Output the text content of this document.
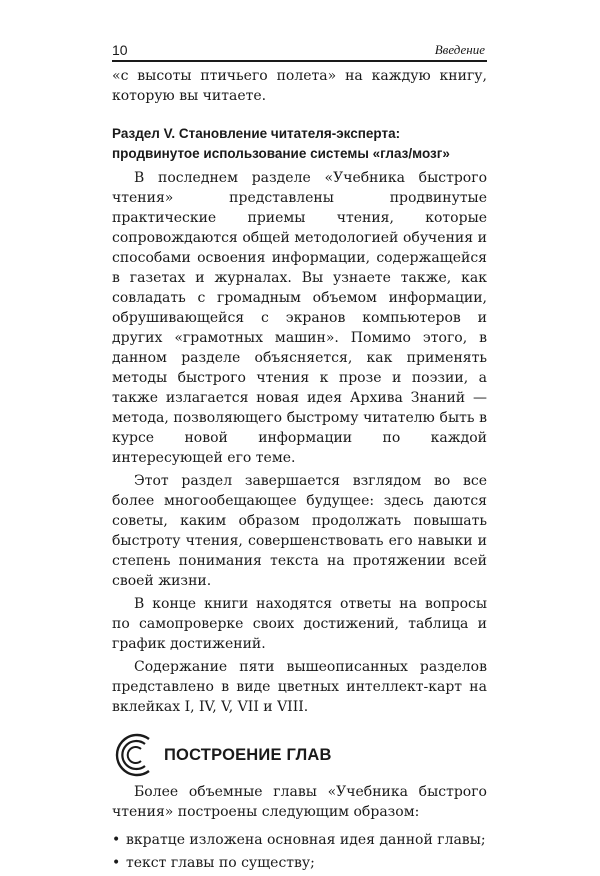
10	Введение

«с высоты птичьего полета» на каждую книгу, которую вы читаете.

Раздел V. Становление читателя-эксперта:
продвинутое использование системы «глаз/мозг»

В последнем разделе «Учебника быстрого чтения» представлены продвинутые практические приемы чтения, которые сопровождаются общей методологией обучения и способами освоения информации, содержащейся в газетах и журналах. Вы узнаете также, как совладать с громадным объемом информации, обрушивающейся с экранов компьютеров и других «грамотных машин». Помимо этого, в данном разделе объясняется, как применять методы быстрого чтения к прозе и поэзии, а также излагается новая идея Архива Знаний — метода, позволяющего быстрому читателю быть в курсе новой информации по каждой интересующей его теме.

Этот раздел завершается взглядом во все более многообещающее будущее: здесь даются советы, каким образом продолжать повышать быстроту чтения, совершенствовать его навыки и степень понимания текста на протяжении всей своей жизни.

В конце книги находятся ответы на вопросы по самопроверке своих достижений, таблица и график достижений.

Содержание пяти вышеописанных разделов представлено в виде цветных интеллект-карт на вклейках I, IV, V, VII и VIII.

ПОСТРОЕНИЕ ГЛАВ

Более объемные главы «Учебника быстрого чтения» построены следующим образом:

• вкратце изложена основная идея данной главы;
• текст главы по существу;
